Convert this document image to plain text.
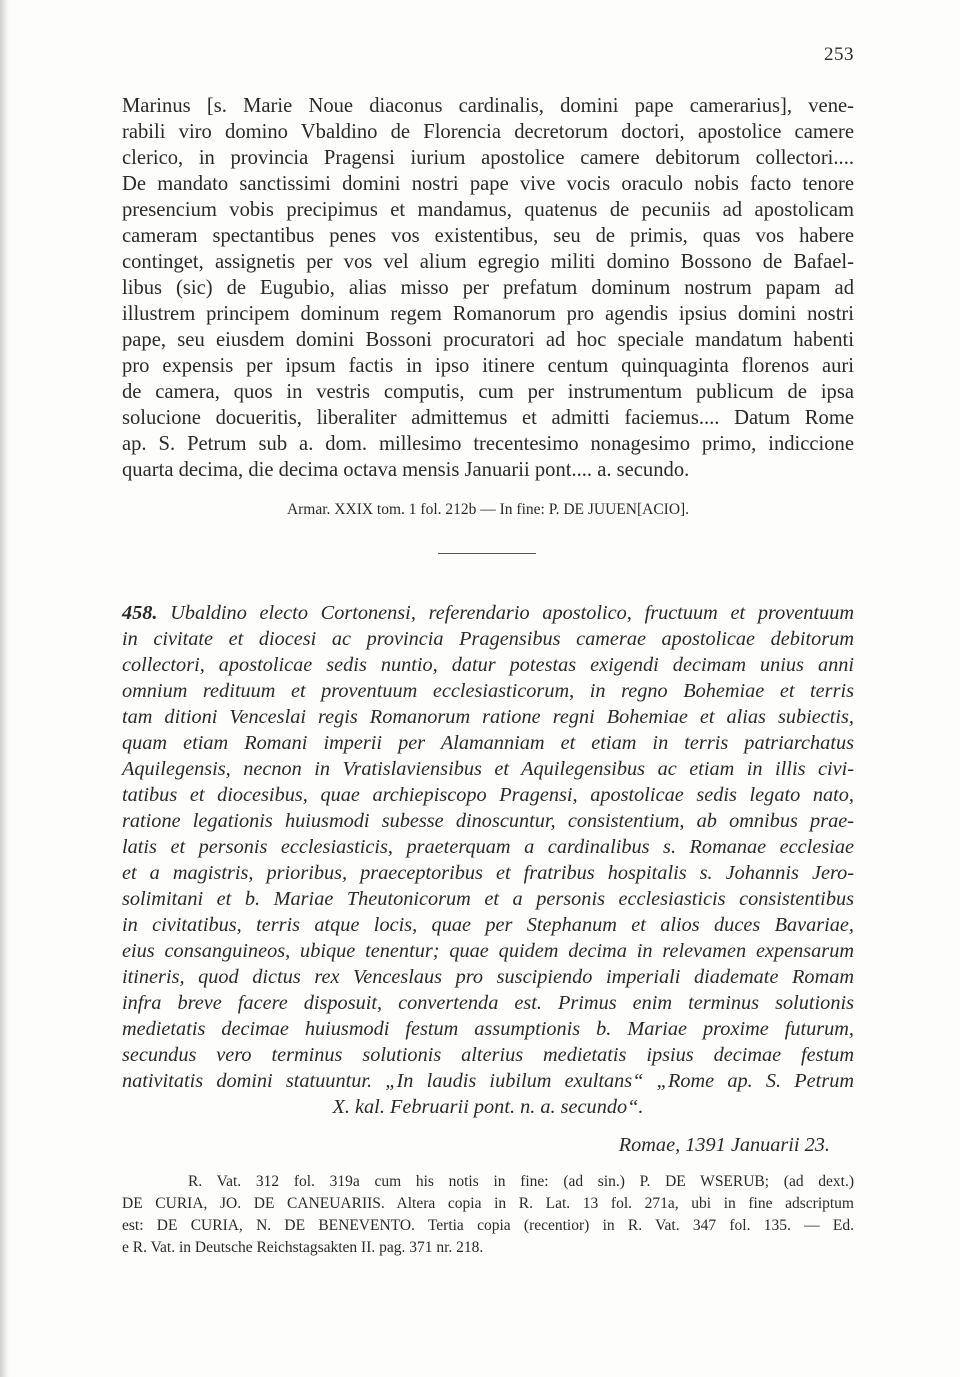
253
Marinus [s. Marie Noue diaconus cardinalis, domini pape camerarius], vene-
rabili viro domino Vbaldino de Florencia decretorum doctori, apostolice camere
clerico, in provincia Pragensi iurium apostolice camere debitorum collectori....
De mandato sanctissimi domini nostri pape vive vocis oraculo nobis facto tenore
presencium vobis precipimus et mandamus, quatenus de pecuniis ad apostolicam
cameram spectantibus penes vos existentibus, seu de primis, quas vos habere
continget, assignetis per vos vel alium egregio militi domino Bossono de Bafael-
libus (sic) de Eugubio, alias misso per prefatum dominum nostrum papam ad
illustrem principem dominum regem Romanorum pro agendis ipsius domini nostri
pape, seu eiusdem domini Bossoni procuratori ad hoc speciale mandatum habenti
pro expensis per ipsum factis in ipso itinere centum quinquaginta florenos auri
de camera, quos in vestris computis, cum per instrumentum publicum de ipsa
solucione docueritis, liberaliter admittemus et admitti faciemus.... Datum Rome
ap. S. Petrum sub a. dom. millesimo trecentesimo nonagesimo primo, indiccione
quarta decima, die decima octava mensis Januarii pont.... a. secundo.
Armar. XXIX tom. 1 fol. 212b — In fine: P. DE JUUEN[ACIO].
458. Ubaldino electo Cortonensi, referendario apostolico, fructuum et proventuum
in civitate et diocesi ac provincia Pragensibus camerae apostolicae debitorum
collectori, apostolicae sedis nuntio, datur potestas exigendi decimam unius anni
omnium redituum et proventuum ecclesiasticorum, in regno Bohemiae et terris
tam ditioni Venceslai regis Romanorum ratione regni Bohemiae et alias subiectis,
quam etiam Romani imperii per Alamanniam et etiam in terris patriarchatus
Aquilegensis, necnon in Vratislaviensibus et Aquilegensibus ac etiam in illis civi-
tatibus et diocesibus, quae archiepiscopo Pragensi, apostolicae sedis legato nato,
ratione legationis huiusmodi subesse dinoscuntur, consistentium, ab omnibus prae-
latis et personis ecclesiasticis, praeterquam a cardinalibus s. Romanae ecclesiae
et a magistris, prioribus, praeceptoribus et fratribus hospitalis s. Johannis Jero-
solimitani et b. Mariae Theutonicorum et a personis ecclesiasticis consistentibus
in civitatibus, terris atque locis, quae per Stephanum et alios duces Bavariae,
eius consanguineos, ubique tenentur; quae quidem decima in relevamen expensarum
itineris, quod dictus rex Venceslaus pro suscipiendo imperiali diademate Romam
infra breve facere disposuit, convertenda est. Primus enim terminus solutionis
medietatis decimae huiusmodi festum assumptionis b. Mariae proxime futurum,
secundus vero terminus solutionis alterius medietatis ipsius decimae festum
nativitatis domini statuuntur. „In laudis iubilum exultans“ „Rome ap. S. Petrum
X. kal. Februarii pont. n. a. secundo“.
Romae, 1391 Januarii 23.
R. Vat. 312 fol. 319a cum his notis in fine: (ad sin.) P. DE WSERUB; (ad dext.)
DE CURIA, JO. DE CANEUARIIS. Altera copia in R. Lat. 13 fol. 271a, ubi in fine adscriptum
est: DE CURIA, N. DE BENEVENTO. Tertia copia (recentior) in R. Vat. 347 fol. 135. — Ed.
e R. Vat. in Deutsche Reichstagsakten II. pag. 371 nr. 218.
